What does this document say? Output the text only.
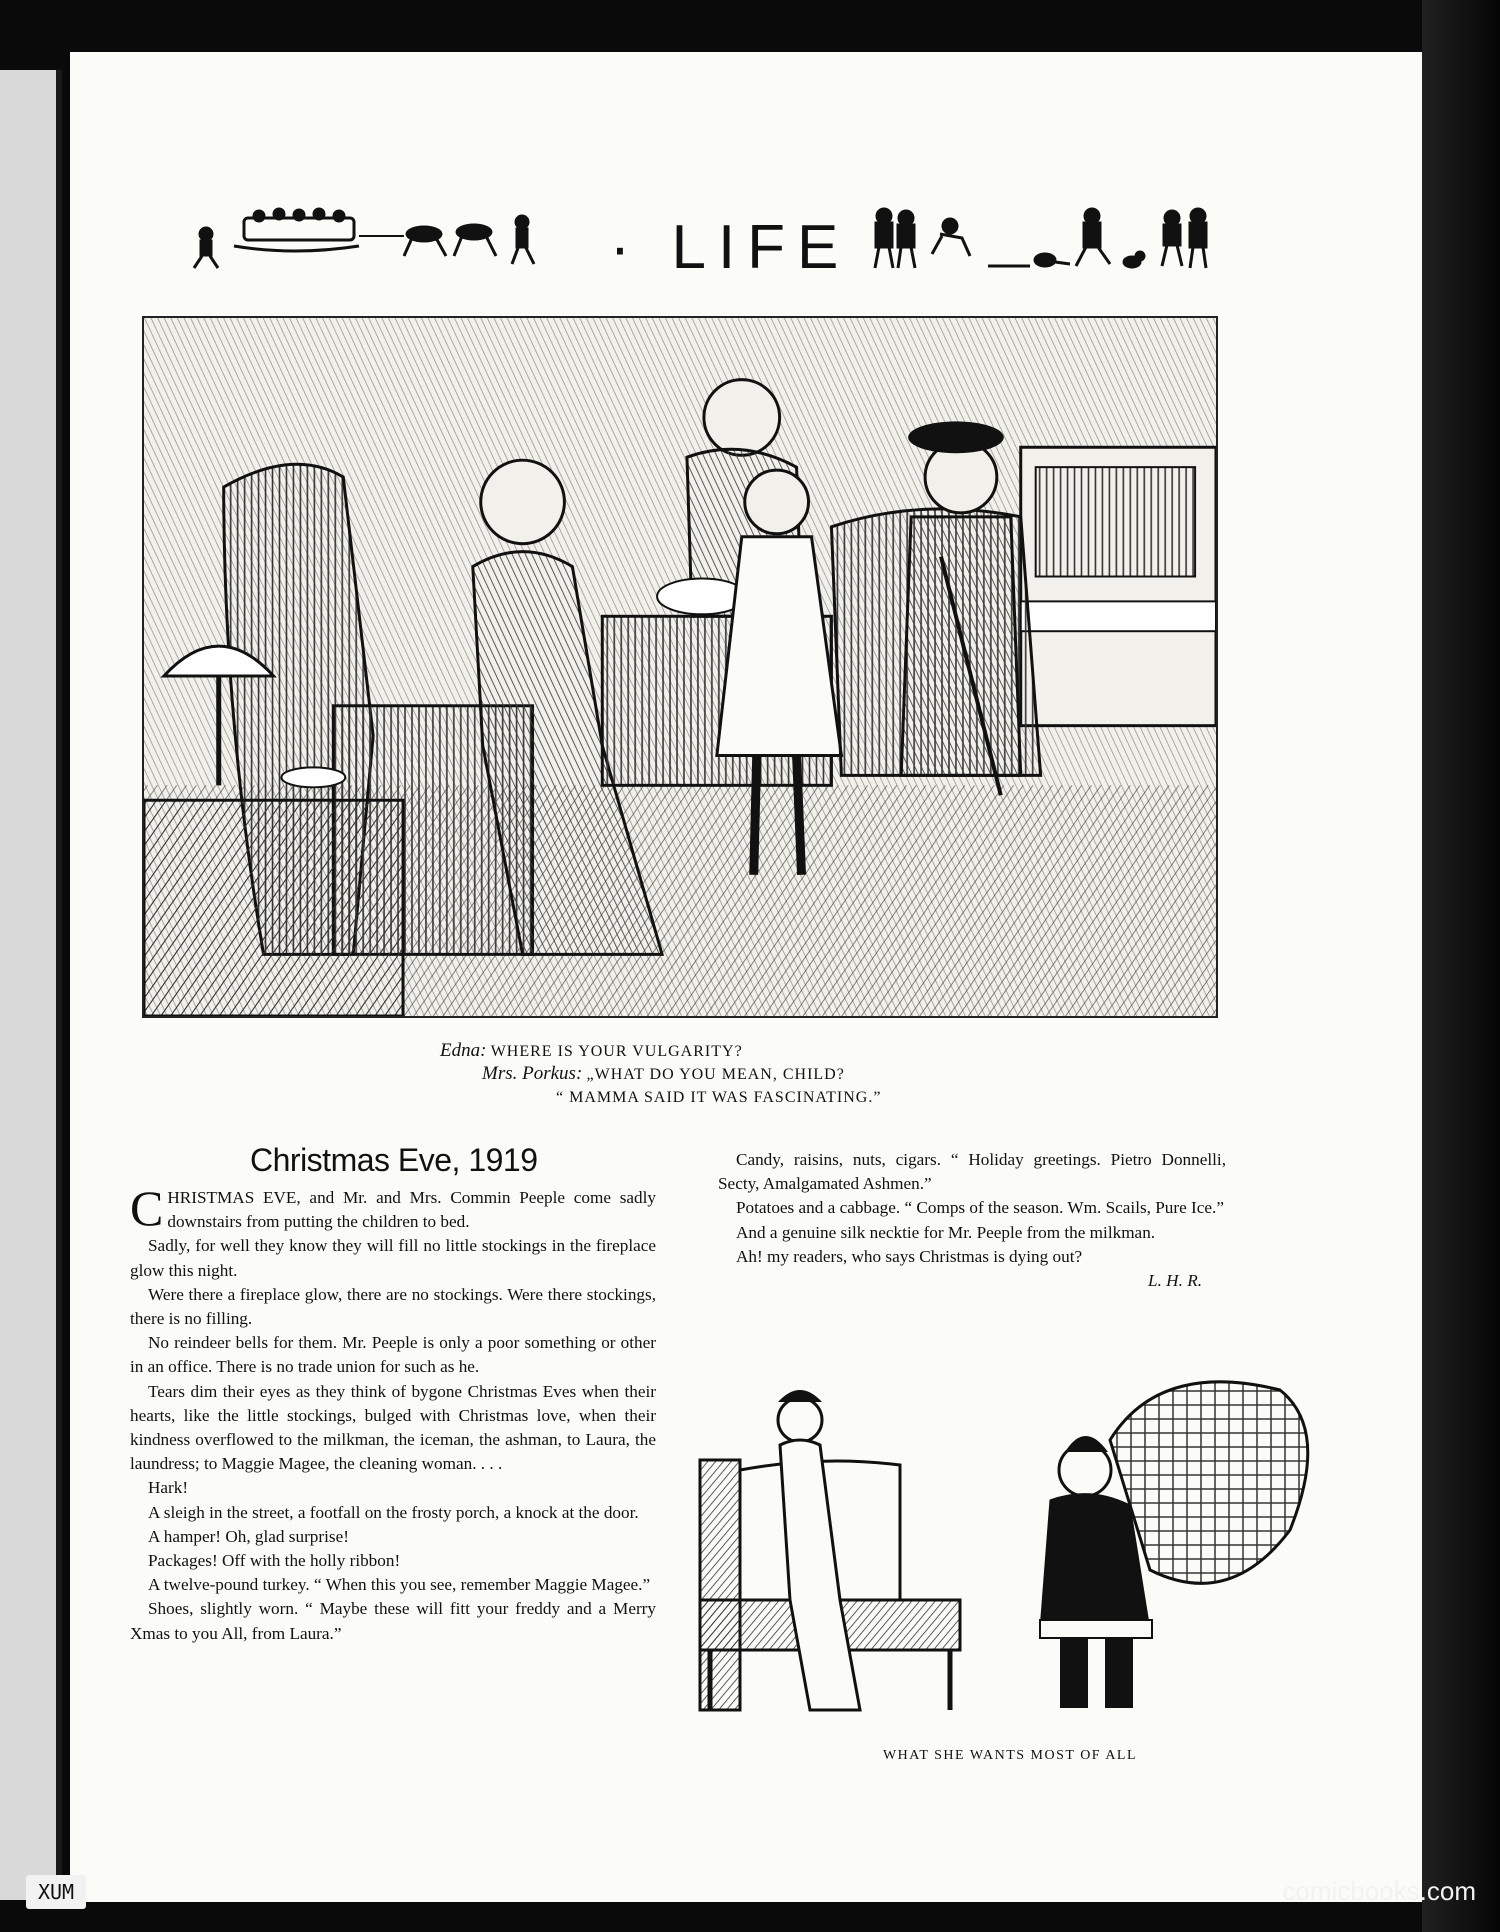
· LIFE
Edna: WHERE IS YOUR VULGARITY?
Mrs. Porkus: „WHAT DO YOU MEAN, CHILD?
“ MAMMA SAID IT WAS FASCINATING.”
Christmas Eve, 1919

CHRISTMAS EVE, and Mr. and Mrs. Commin Peeple come sadly downstairs from putting the children to bed.

Sadly, for well they know they will fill no little stockings in the fireplace glow this night.

Were there a fireplace glow, there are no stockings. Were there stockings, there is no filling.

No reindeer bells for them. Mr. Peeple is only a poor something or other in an office. There is no trade union for such as he.

Tears dim their eyes as they think of bygone Christmas Eves when their hearts, like the little stockings, bulged with Christmas love, when their kindness overflowed to the milkman, the iceman, the ashman, to Laura, the laundress; to Maggie Magee, the cleaning woman. . . .

Hark!

A sleigh in the street, a footfall on the frosty porch, a knock at the door.

A hamper! Oh, glad surprise!

Packages! Off with the holly ribbon!

A twelve-pound turkey. “ When this you see, remember Maggie Magee.”

Shoes, slightly worn. “ Maybe these will fitt your freddy and a Merry Xmas to you All, from Laura.”

Candy, raisins, nuts, cigars. “ Holiday greetings. Pietro Donnelli, Secty, Amalgamated Ashmen.”

Potatoes and a cabbage. “ Comps of the season. Wm. Scails, Pure Ice.”

And a genuine silk necktie for Mr. Peeple from the milkman.

Ah! my readers, who says Christmas is dying out?

L. H. R.

WHAT SHE WANTS MOST OF ALL
XUM	comicbooks.com
